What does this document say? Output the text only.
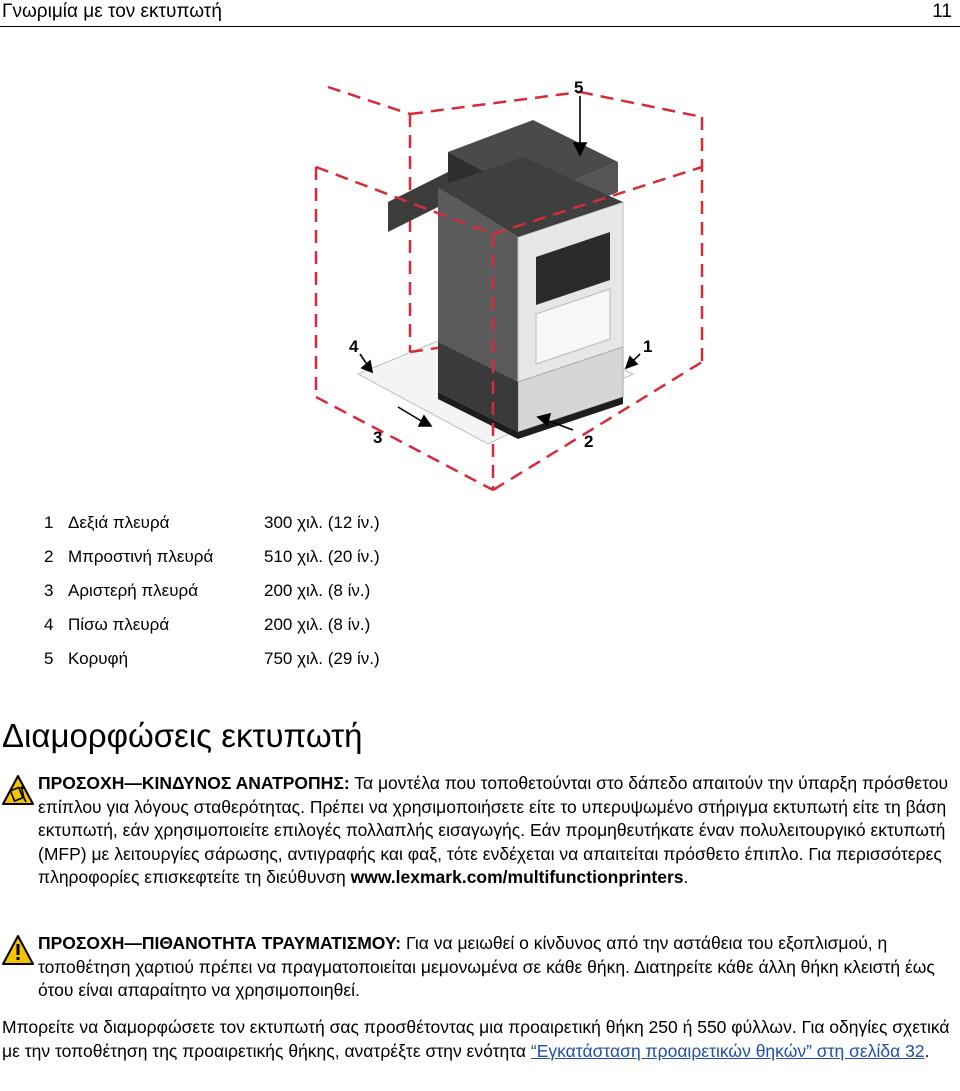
Γνωριμία με τον εκτυπωτή	11
5
4	1
3	2
1	Δεξιά πλευρά	300 χιλ. (12 ίν.)
2	Μπροστινή πλευρά	510 χιλ. (20 ίν.)
3	Αριστερή πλευρά	200 χιλ. (8 ίν.)
4	Πίσω πλευρά	200 χιλ. (8 ίν.)
5	Κορυφή	750 χιλ. (29 ίν.)
Διαμορφώσεις εκτυπωτή
ΠΡΟΣΟΧΗ—ΚΙΝΔΥΝΟΣ ΑΝΑΤΡΟΠΗΣ: Τα μοντέλα που τοποθετούνται στο δάπεδο απαιτούν την ύπαρξη πρόσθετου επίπλου για λόγους σταθερότητας. Πρέπει να χρησιμοποιήσετε είτε το υπερυψωμένο στήριγμα εκτυπωτή είτε τη βάση εκτυπωτή, εάν χρησιμοποιείτε επιλογές πολλαπλής εισαγωγής. Εάν προμηθευτήκατε έναν πολυλειτουργικό εκτυπωτή (MFP) με λειτουργίες σάρωσης, αντιγραφής και φαξ, τότε ενδέχεται να απαιτείται πρόσθετο έπιπλο. Για περισσότερες πληροφορίες επισκεφτείτε τη διεύθυνση www.lexmark.com/multifunctionprinters.
ΠΡΟΣΟΧΗ—ΠΙΘΑΝΟΤΗΤΑ ΤΡΑΥΜΑΤΙΣΜΟΥ: Για να μειωθεί ο κίνδυνος από την αστάθεια του εξοπλισμού, η τοποθέτηση χαρτιού πρέπει να πραγματοποιείται μεμονωμένα σε κάθε θήκη. Διατηρείτε κάθε άλλη θήκη κλειστή έως ότου είναι απαραίτητο να χρησιμοποιηθεί.
Μπορείτε να διαμορφώσετε τον εκτυπωτή σας προσθέτοντας μια προαιρετική θήκη 250 ή 550 φύλλων. Για οδηγίες σχετικά με την τοποθέτηση της προαιρετικής θήκης, ανατρέξτε στην ενότητα “Εγκατάσταση προαιρετικών θηκών” στη σελίδα 32.
